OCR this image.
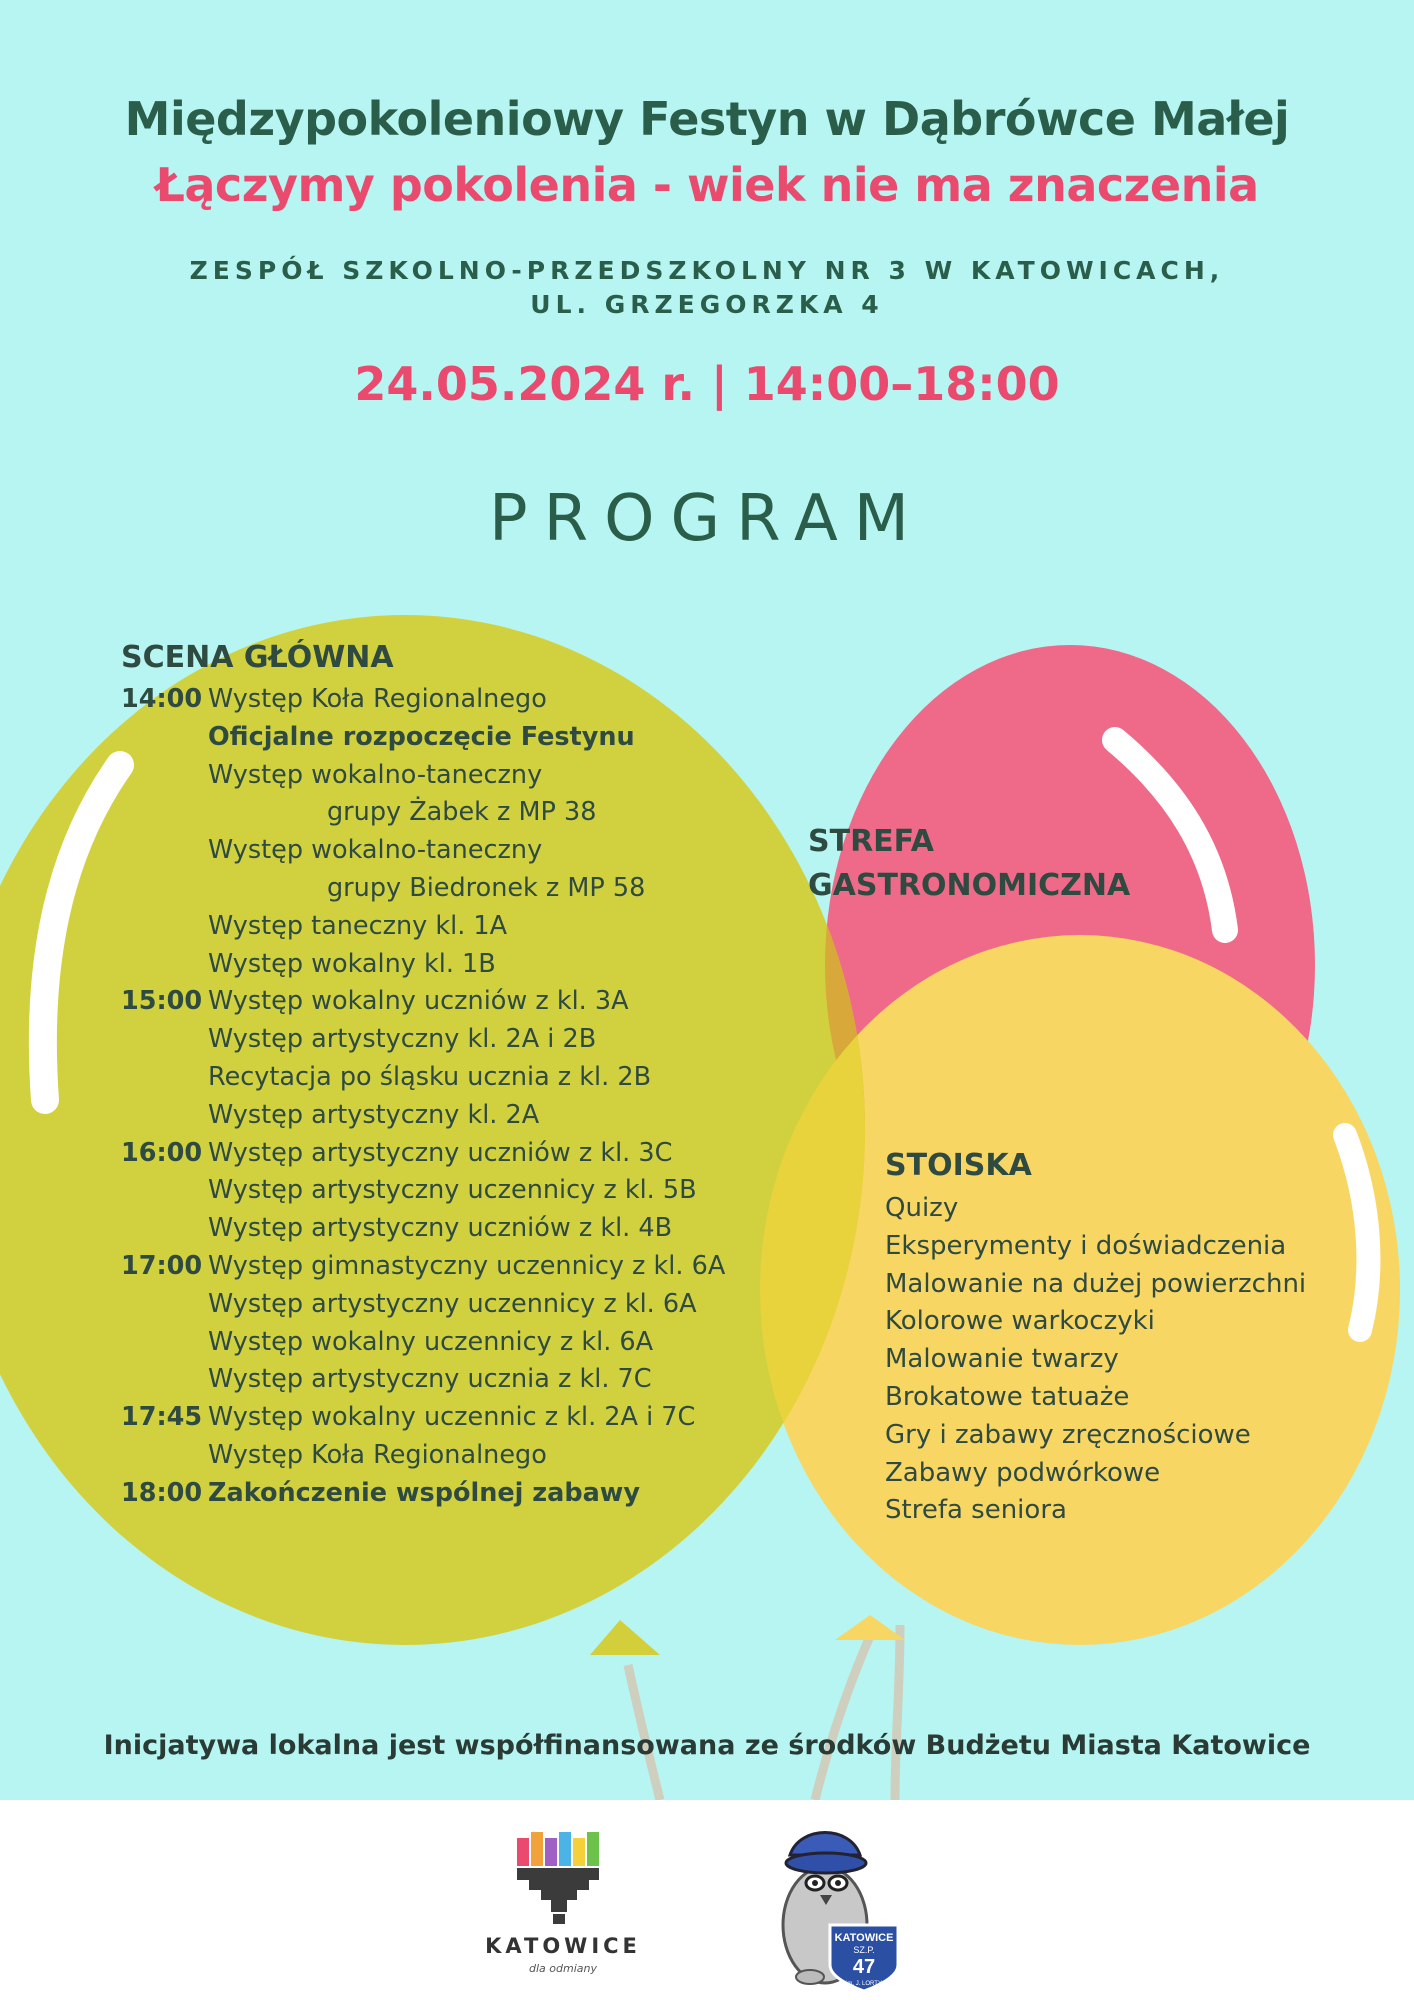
Międzypokoleniowy Festyn w Dąbrówce Małej
Łączymy pokolenia - wiek nie ma znaczenia
ZESPÓŁ SZKOLNO-PRZEDSZKOLNY NR 3 W KATOWICACH,
UL. GRZEGORZKA 4
24.05.2024 r. | 14:00–18:00
PROGRAM
SCENA GŁÓWNA
14:00 Występ Koła Regionalnego
Oficjalne rozpoczęcie Festynu
Występ wokalno-taneczny
grupy Żabek z MP 38
Występ wokalno-taneczny
grupy Biedronek z MP 58
Występ taneczny kl. 1A
Występ wokalny kl. 1B
15:00 Występ wokalny uczniów z kl. 3A
Występ artystyczny kl. 2A i 2B
Recytacja po śląsku ucznia z kl. 2B
Występ artystyczny kl. 2A
16:00 Występ artystyczny uczniów z kl. 3C
Występ artystyczny uczennicy z kl. 5B
Występ artystyczny uczniów z kl. 4B
17:00 Występ gimnastyczny uczennicy z kl. 6A
Występ artystyczny uczennicy z kl. 6A
Występ wokalny uczennicy z kl. 6A
Występ artystyczny ucznia z kl. 7C
17:45 Występ wokalny uczennic z kl. 2A i 7C
Występ Koła Regionalnego
18:00 Zakończenie wspólnej zabawy
STREFA
GASTRONOMICZNA
STOISKA
Quizy
Eksperymenty i doświadczenia
Malowanie na dużej powierzchni
Kolorowe warkoczyki
Malowanie twarzy
Brokatowe tatuaże
Gry i zabawy zręcznościowe
Zabawy podwórkowe
Strefa seniora
Inicjatywa lokalna jest współfinansowana ze środków Budżetu Miasta Katowice
KATOWICE
dla odmiany
KATOWICE
SZ.P.
47
im. J. LORTY
